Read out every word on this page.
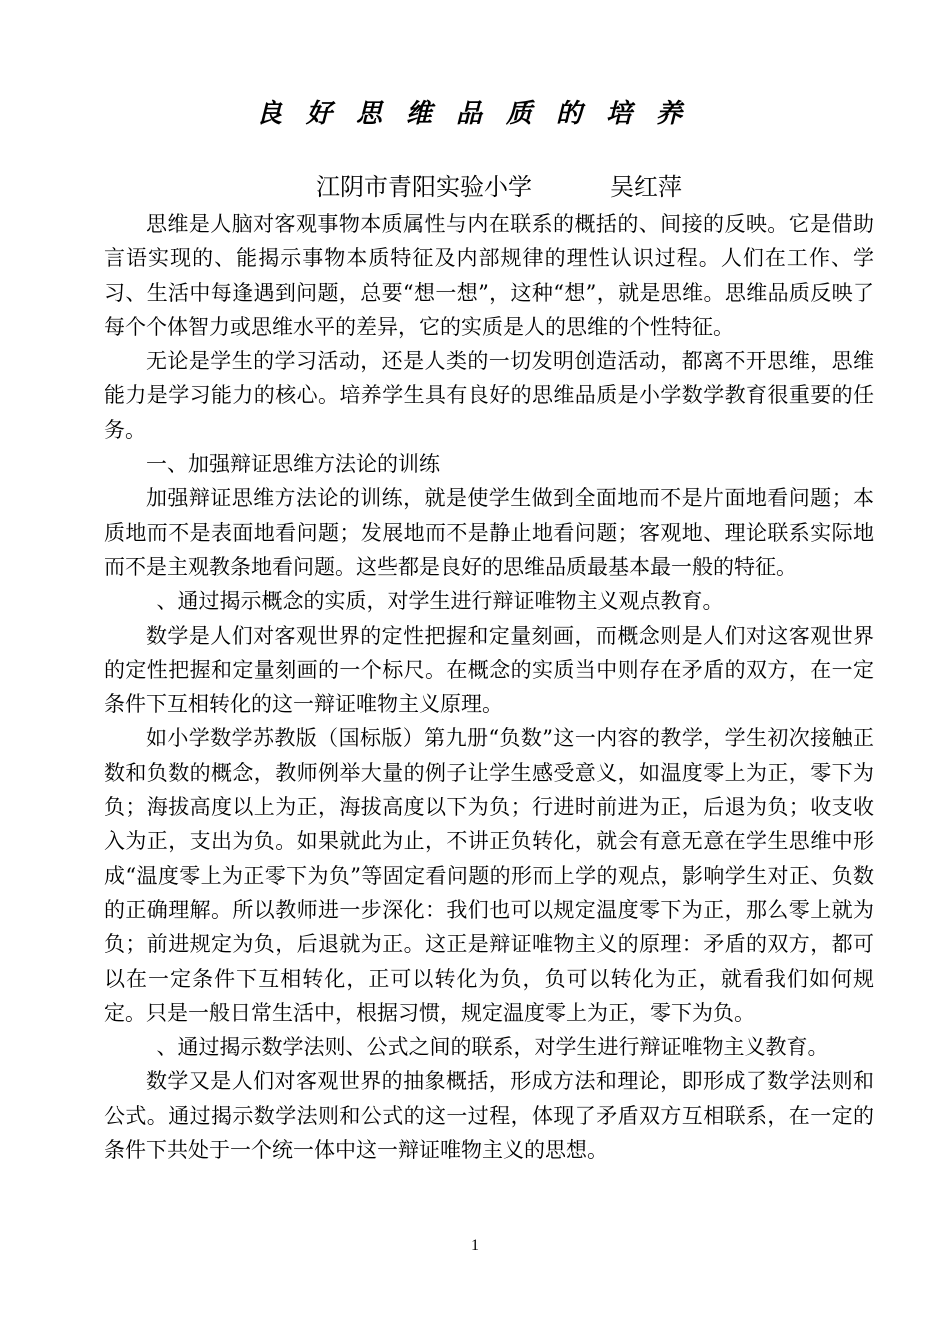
良好思维品质的培养
江阴市青阳实验小学	吴红萍

思维是人脑对客观事物本质属性与内在联系的概括的、间接的反映。它是借助言语实现的、能揭示事物本质特征及内部规律的理性认识过程。人们在工作、学习、生活中每逢遇到问题，总要“想一想”，这种“想”，就是思维。思维品质反映了每个个体智力或思维水平的差异，它的实质是人的思维的个性特征。

无论是学生的学习活动，还是人类的一切发明创造活动，都离不开思维，思维能力是学习能力的核心。培养学生具有良好的思维品质是小学数学教育很重要的任务。

一、加强辩证思维方法论的训练

加强辩证思维方法论的训练，就是使学生做到全面地而不是片面地看问题；本质地而不是表面地看问题；发展地而不是静止地看问题；客观地、理论联系实际地而不是主观教条地看问题。这些都是良好的思维品质最基本最一般的特征。

、通过揭示概念的实质，对学生进行辩证唯物主义观点教育。

数学是人们对客观世界的定性把握和定量刻画，而概念则是人们对这客观世界的定性把握和定量刻画的一个标尺。在概念的实质当中则存在矛盾的双方，在一定条件下互相转化的这一辩证唯物主义原理。

如小学数学苏教版（国标版）第九册“负数”这一内容的教学，学生初次接触正数和负数的概念，教师例举大量的例子让学生感受意义，如温度零上为正，零下为负；海拔高度以上为正，海拔高度以下为负；行进时前进为正，后退为负；收支收入为正，支出为负。如果就此为止，不讲正负转化，就会有意无意在学生思维中形成“温度零上为正零下为负”等固定看问题的形而上学的观点，影响学生对正、负数的正确理解。所以教师进一步深化：我们也可以规定温度零下为正，那么零上就为负；前进规定为负，后退就为正。这正是辩证唯物主义的原理：矛盾的双方，都可以在一定条件下互相转化，正可以转化为负，负可以转化为正，就看我们如何规定。只是一般日常生活中，根据习惯，规定温度零上为正，零下为负。

、通过揭示数学法则、公式之间的联系，对学生进行辩证唯物主义教育。

数学又是人们对客观世界的抽象概括，形成方法和理论，即形成了数学法则和公式。通过揭示数学法则和公式的这一过程，体现了矛盾双方互相联系，在一定的条件下共处于一个统一体中这一辩证唯物主义的思想。

1
